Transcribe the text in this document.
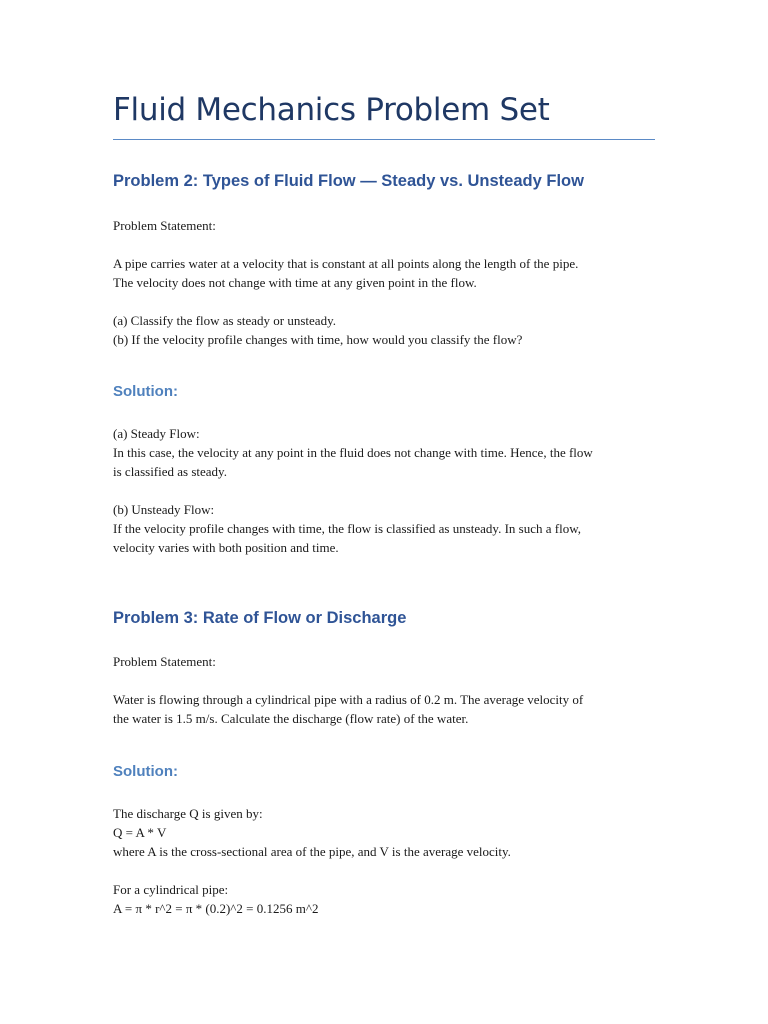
Fluid Mechanics Problem Set
Problem 2: Types of Fluid Flow — Steady vs. Unsteady Flow
Problem Statement:
A pipe carries water at a velocity that is constant at all points along the length of the pipe.
The velocity does not change with time at any given point in the flow.
(a) Classify the flow as steady or unsteady.
(b) If the velocity profile changes with time, how would you classify the flow?
Solution:
(a) Steady Flow:
In this case, the velocity at any point in the fluid does not change with time. Hence, the flow
is classified as steady.
(b) Unsteady Flow:
If the velocity profile changes with time, the flow is classified as unsteady. In such a flow,
velocity varies with both position and time.
Problem 3: Rate of Flow or Discharge
Problem Statement:
Water is flowing through a cylindrical pipe with a radius of 0.2 m. The average velocity of
the water is 1.5 m/s. Calculate the discharge (flow rate) of the water.
Solution:
The discharge Q is given by:
Q = A * V
where A is the cross-sectional area of the pipe, and V is the average velocity.
For a cylindrical pipe:
A = π * r^2 = π * (0.2)^2 = 0.1256 m^2
